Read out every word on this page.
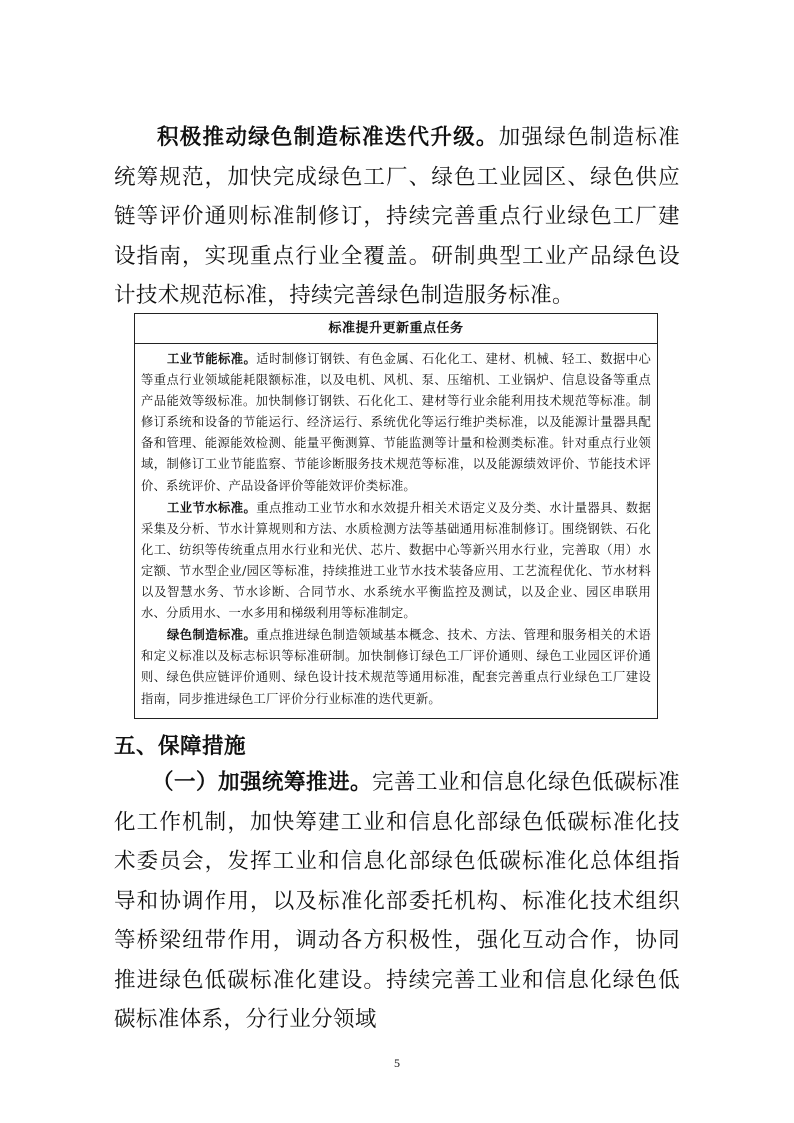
积极推动绿色制造标准迭代升级。加强绿色制造标准统筹规范，加快完成绿色工厂、绿色工业园区、绿色供应链等评价通则标准制修订，持续完善重点行业绿色工厂建设指南，实现重点行业全覆盖。研制典型工业产品绿色设计技术规范标准，持续完善绿色制造服务标准。

标准提升更新重点任务

工业节能标准。适时制修订钢铁、有色金属、石化化工、建材、机械、轻工、数据中心等重点行业领域能耗限额标准，以及电机、风机、泵、压缩机、工业锅炉、信息设备等重点产品能效等级标准。加快制修订钢铁、石化化工、建材等行业余能利用技术规范等标准。制修订系统和设备的节能运行、经济运行、系统优化等运行维护类标准，以及能源计量器具配备和管理、能源能效检测、能量平衡测算、节能监测等计量和检测类标准。针对重点行业领域，制修订工业节能监察、节能诊断服务技术规范等标准，以及能源绩效评价、节能技术评价、系统评价、产品设备评价等能效评价类标准。

工业节水标准。重点推动工业节水和水效提升相关术语定义及分类、水计量器具、数据采集及分析、节水计算规则和方法、水质检测方法等基础通用标准制修订。围绕钢铁、石化化工、纺织等传统重点用水行业和光伏、芯片、数据中心等新兴用水行业，完善取（用）水定额、节水型企业/园区等标准，持续推进工业节水技术装备应用、工艺流程优化、节水材料以及智慧水务、节水诊断、合同节水、水系统水平衡监控及测试，以及企业、园区串联用水、分质用水、一水多用和梯级利用等标准制定。

绿色制造标准。重点推进绿色制造领域基本概念、技术、方法、管理和服务相关的术语和定义标准以及标志标识等标准研制。加快制修订绿色工厂评价通则、绿色工业园区评价通则、绿色供应链评价通则、绿色设计技术规范等通用标准，配套完善重点行业绿色工厂建设指南，同步推进绿色工厂评价分行业标准的迭代更新。

五、保障措施

（一）加强统筹推进。完善工业和信息化绿色低碳标准化工作机制，加快筹建工业和信息化部绿色低碳标准化技术委员会，发挥工业和信息化部绿色低碳标准化总体组指导和协调作用，以及标准化部委托机构、标准化技术组织等桥梁纽带作用，调动各方积极性，强化互动合作，协同推进绿色低碳标准化建设。持续完善工业和信息化绿色低碳标准体系，分行业分领域

5
